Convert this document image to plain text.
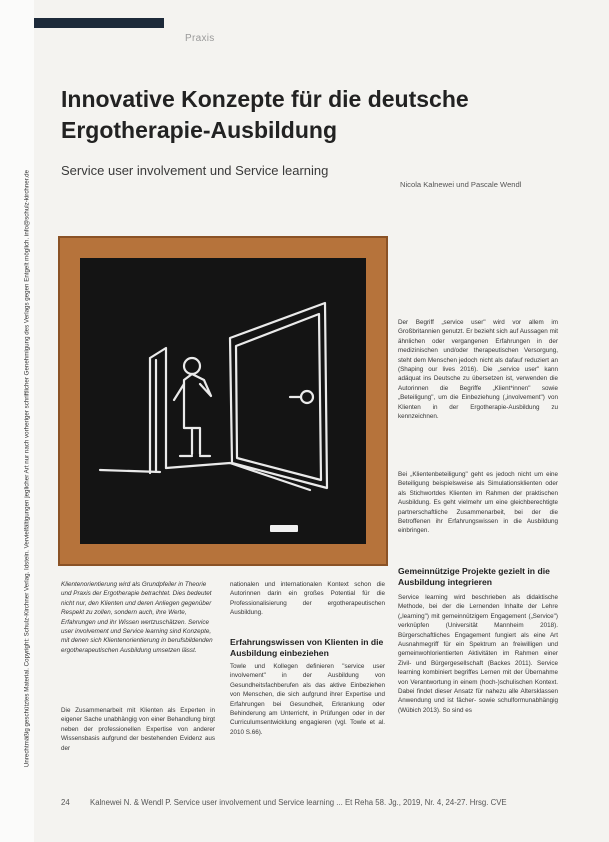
Unrechtmäßig geschütztes Material. Copyright: Schulz-Kirchner Verlag. Idstein. Vervielfältigungen jeglicher Art nur nach vorheriger schriftlicher Genehmigung des Verlags gegen Entgelt möglich. info@schulz-kirchner.de
Praxis
Innovative Konzepte für die deutsche Ergotherapie-Ausbildung
Service user involvement und Service learning
Nicola Kalnewei und Pascale Wendl

Klientenorientierung wird als Grundpfeiler in Theorie und Praxis der Ergotherapie betrachtet. Dies bedeutet nicht nur, den Klienten und deren Anliegen gegenüber Respekt zu zollen, sondern auch, ihre Werte, Erfahrungen und ihr Wissen wertzuschätzen. Service user involvement und Service learning sind Konzepte, mit denen sich Klientenorientierung in berufsbildenden ergotherapeutischen Ausbildung umsetzen lässt.

Die Zusammenarbeit mit Klienten als Experten in eigener Sache unabhängig von einer Behandlung birgt neben der professionellen Expertise von anderer Wissensbasis aufgrund der bestehenden Evidenz aus der

nationalen und internationalen Kontext schon die Autorinnen darin ein großes Potential für die Professionalisierung der ergotherapeutischen Ausbildung.

Erfahrungswissen von Klienten in die Ausbildung einbeziehen

Towle und Kollegen definieren "service user involvement" in der Ausbildung von Gesundheitsfachberufen als das aktive Einbeziehen von Menschen, die sich aufgrund ihrer Expertise und Erfahrungen bei Gesundheit, Erkrankung oder Behinderung am Unterricht, in Prüfungen oder in der Curriculumsentwicklung engagieren (vgl. Towle et al. 2010 S.66).

Der Begriff „service user" wird vor allem im Großbritannien genutzt. Er bezieht sich auf Aussagen mit ähnlichen oder vergangenen Erfahrungen in der medizinischen und/oder therapeutischen Versorgung, steht dem Menschen jedoch nicht als dafauf reduziert an (Shaping our lives 2016). Die „service user" kann adäquat ins Deutsche zu übersetzen ist, verwenden die Autorinnen die Begriffe „Klient*innen" sowie „Beteiligung", um die Einbeziehung („involvement") von Klienten in der Ergotherapie-Ausbildung zu kennzeichnen.

Bei „Klientenbeteiligung" geht es jedoch nicht um eine Beteiligung beispielsweise als Simulationsklienten oder als Stichwortdes Klienten im Rahmen der praktischen Ausbildung. Es geht vielmehr um eine gleichberechtigte partnerschaftliche Zusammenarbeit, bei der die Betroffenen ihr Erfahrungswissen in die Ausbildung einbringen.

Gemeinnützige Projekte gezielt in die Ausbildung integrieren

Service learning wird beschrieben als didaktische Methode, bei der die Lernenden Inhalte der Lehre („learning") mit gemeinnützigem Engagement („Service") verknüpfen (Universität Mannheim 2018). Bürgerschaftliches Engagement fungiert als eine Art Ausnahmegriff für ein Spektrum an freiwilligen und gemeinwohlorientierten Aktivitäten im Rahmen einer Zivil- und Bürgergesellschaft (Backes 2011). Service learning kombiniert begriffes Lernen mit der Übernahme von Verantwortung in einem (hoch-)schulischen Kontext. Dabei findet dieser Ansatz für nahezu alle Altersklassen Anwendung und ist fächer- sowie schulformunabhängig (Wübich 2013). So sind es

24	Kalnewei N. & Wendl P. Service user involvement und Service learning ... Et Reha 58. Jg., 2019, Nr. 4, 24-27. Hrsg. CVE
